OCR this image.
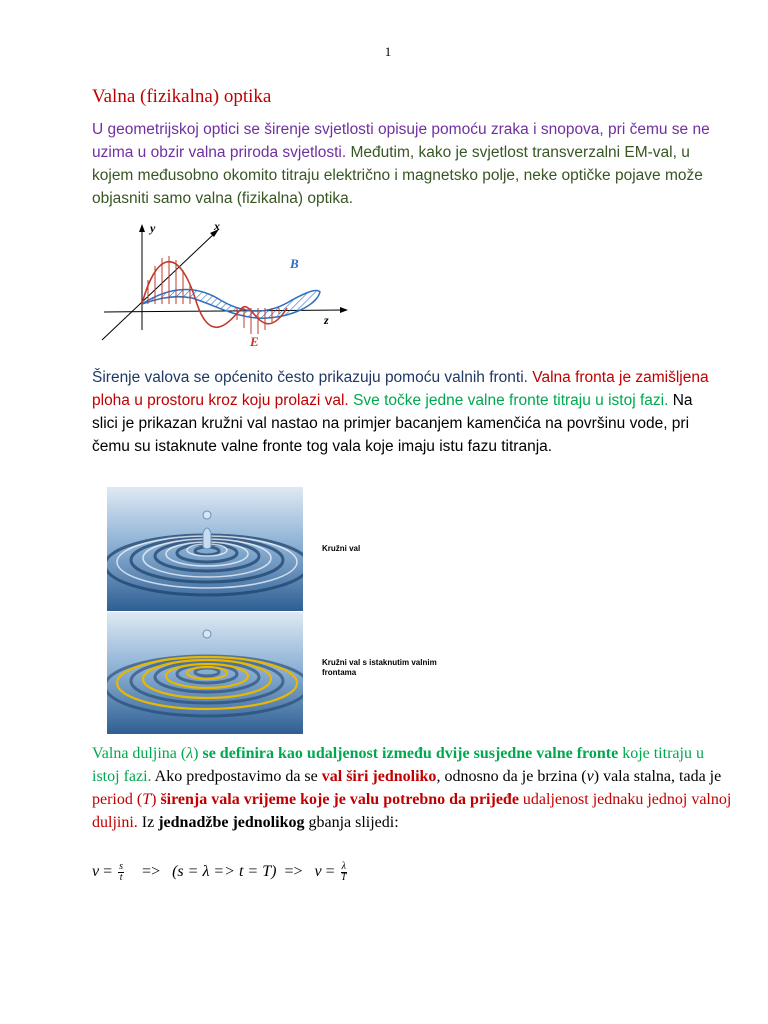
1
Valna (fizikalna) optika
U geometrijskoj optici se širenje svjetlosti opisuje pomoću zraka i snopova, pri čemu se ne uzima u obzir valna priroda svjetlosti. Međutim, kako je svjetlost transverzalni EM-val, u kojem međusobno okomito titraju električno i magnetsko polje, neke optičke pojave može objasniti samo valna (fizikalna) optika.
y	x
z
B
E
Širenje valova se općenito često prikazuju pomoću valnih fronti. Valna fronta je zamišljena ploha u prostoru kroz koju prolazi val. Sve točke jedne valne fronte titraju u istoj fazi. Na slici je prikazan kružni val nastao na primjer bacanjem kamenčića na površinu vode, pri čemu su istaknute valne fronte tog vala koje imaju istu fazu titranja.
Kružni val
Kružni val s istaknutim valnim frontama
Valna duljina (λ) se definira kao udaljenost između dvije susjedne valne fronte koje titraju u istoj fazi. Ako predpostavimo da se val širi jednoliko, odnosno da je brzina (v) vala stalna, tada je period (T) širenja vala vrijeme koje je valu potrebno da prijeđe udaljenost jednaku jednoj valnoj duljini. Iz jednadžbe jednolikog gbanja slijedi:
$v = \frac{s}{t} => (s = \lambda => t = T) => v = \frac{\lambda}{T}$
